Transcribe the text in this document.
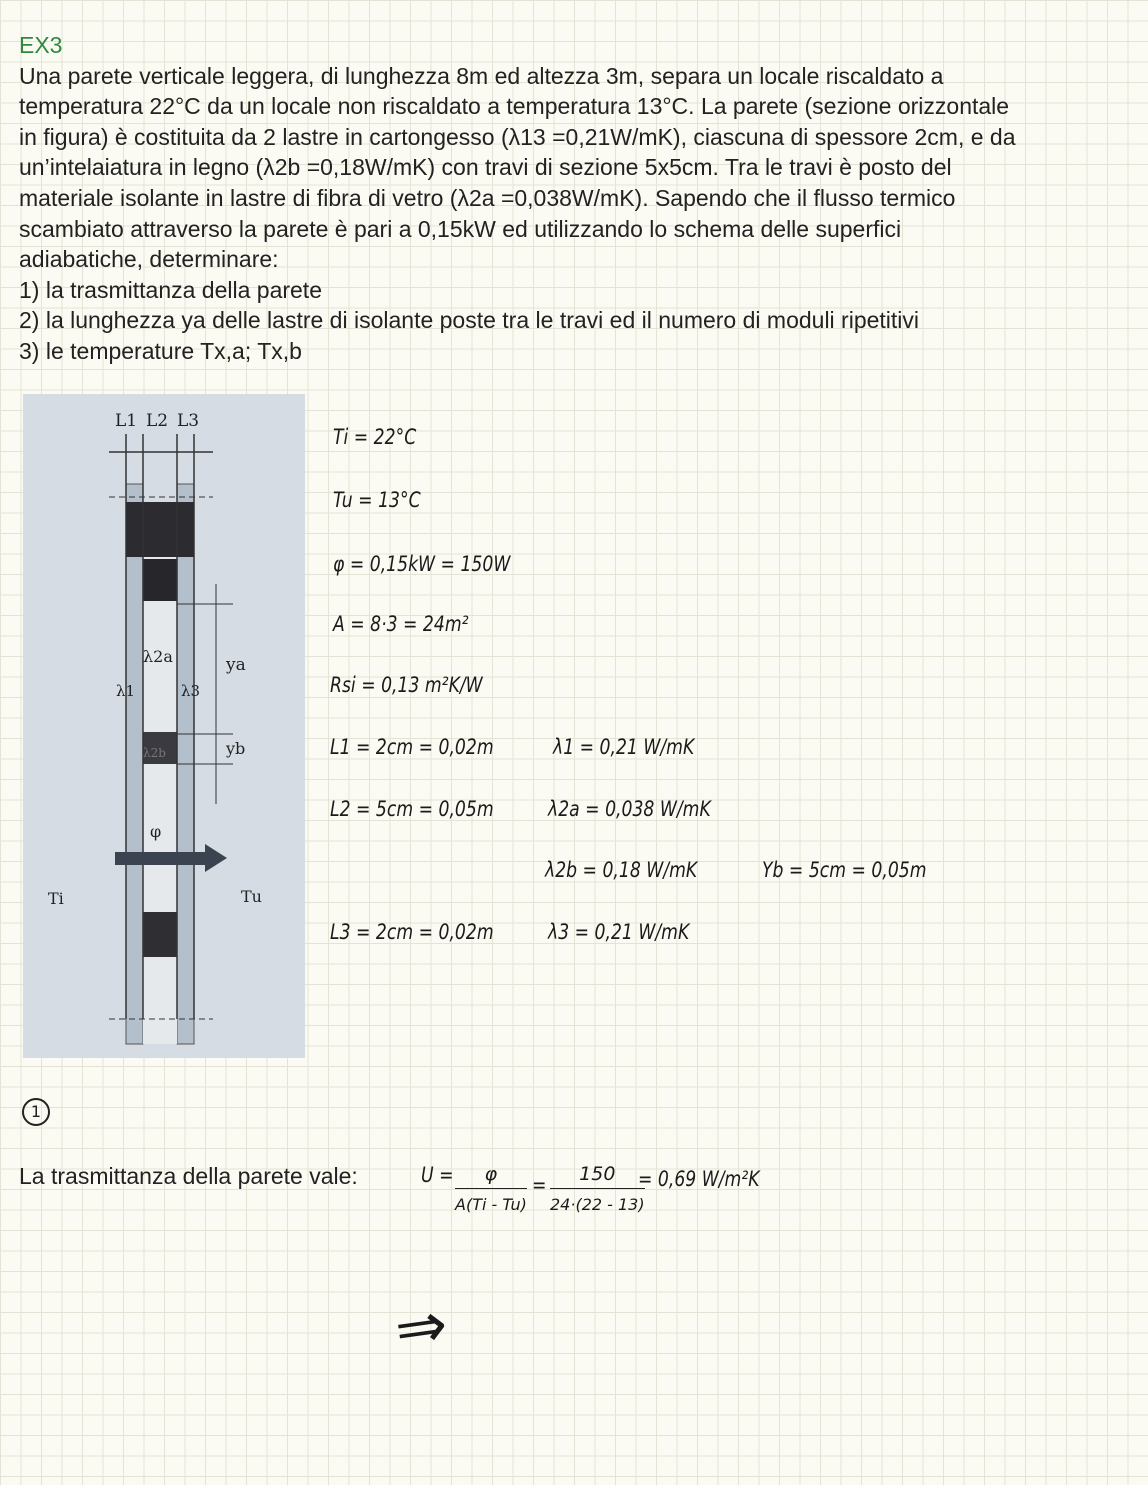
EX3

Una parete verticale leggera, di lunghezza 8m ed altezza 3m, separa un locale riscaldato a

temperatura 22°C da un locale non riscaldato a temperatura 13°C. La parete (sezione orizzontale

in figura) è costituita da 2 lastre in cartongesso (λ13 =0,21W/mK), ciascuna di spessore 2cm, e da

un’intelaiatura in legno (λ2b =0,18W/mK) con travi di sezione 5x5cm. Tra le travi è posto del

materiale isolante in lastre di fibra di vetro (λ2a =0,038W/mK). Sapendo che il flusso termico

scambiato attraverso la parete è pari a 0,15kW ed utilizzando lo schema delle superfici

adiabatiche, determinare:

1) la trasmittanza della parete
2) la lunghezza ya delle lastre di isolante poste tra le travi ed il numero di moduli ripetitivi
3) le temperature Tx,a; Tx,b
L1 L2 L3
λ2a
λ1	λ3
λ2b
ya
yb
φ
Ti	Tu
Ti = 22°C
Tu = 13°C
φ = 0,15kW = 150W
A = 8·3 = 24m²
Rsi = 0,13 m²K/W
L1 = 2cm = 0,02m	λ1 = 0,21 W/mK
L2 = 5cm = 0,05m	λ2a = 0,038 W/mK
λ2b = 0,18 W/mK	Yb = 5cm = 0,05m
L3 = 2cm = 0,02m	λ3 = 0,21 W/mK
1
La trasmittanza della parete vale:	U =	φ
A(Ti - Tu)
=	150
24·(22 - 13)
= 0,69 W/m²K
⇒
